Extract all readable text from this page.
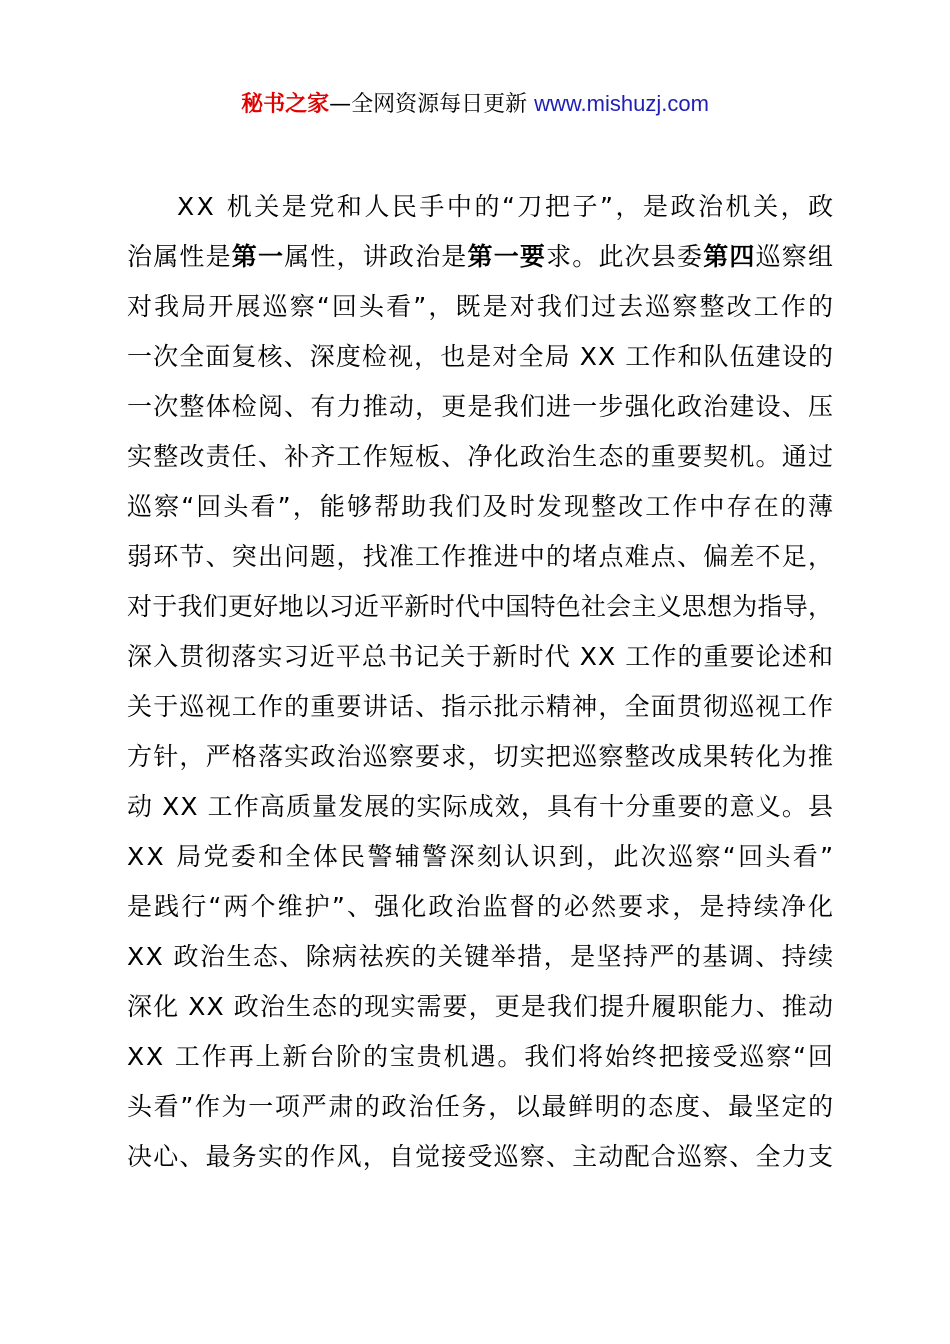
秘书之家—全网资源每日更新 www.mishuzj.com
XX 机关是党和人民手中的“刀把子”，是政治机关，政
治属性是第一属性，讲政治是第一要求。此次县委第四巡察组
对我局开展巡察“回头看”，既是对我们过去巡察整改工作的
一次全面复核、深度检视，也是对全局 XX 工作和队伍建设的
一次整体检阅、有力推动，更是我们进一步强化政治建设、压
实整改责任、补齐工作短板、净化政治生态的重要契机。通过
巡察“回头看”，能够帮助我们及时发现整改工作中存在的薄
弱环节、突出问题，找准工作推进中的堵点难点、偏差不足，
对于我们更好地以习近平新时代中国特色社会主义思想为指导，
深入贯彻落实习近平总书记关于新时代 XX 工作的重要论述和
关于巡视工作的重要讲话、指示批示精神，全面贯彻巡视工作
方针，严格落实政治巡察要求，切实把巡察整改成果转化为推
动 XX 工作高质量发展的实际成效，具有十分重要的意义。县
XX 局党委和全体民警辅警深刻认识到，此次巡察“回头看”
是践行“两个维护”、强化政治监督的必然要求，是持续净化
XX 政治生态、除病祛疾的关键举措，是坚持严的基调、持续
深化 XX 政治生态的现实需要，更是我们提升履职能力、推动
XX 工作再上新台阶的宝贵机遇。我们将始终把接受巡察“回
头看”作为一项严肃的政治任务，以最鲜明的态度、最坚定的
决心、最务实的作风，自觉接受巡察、主动配合巡察、全力支
